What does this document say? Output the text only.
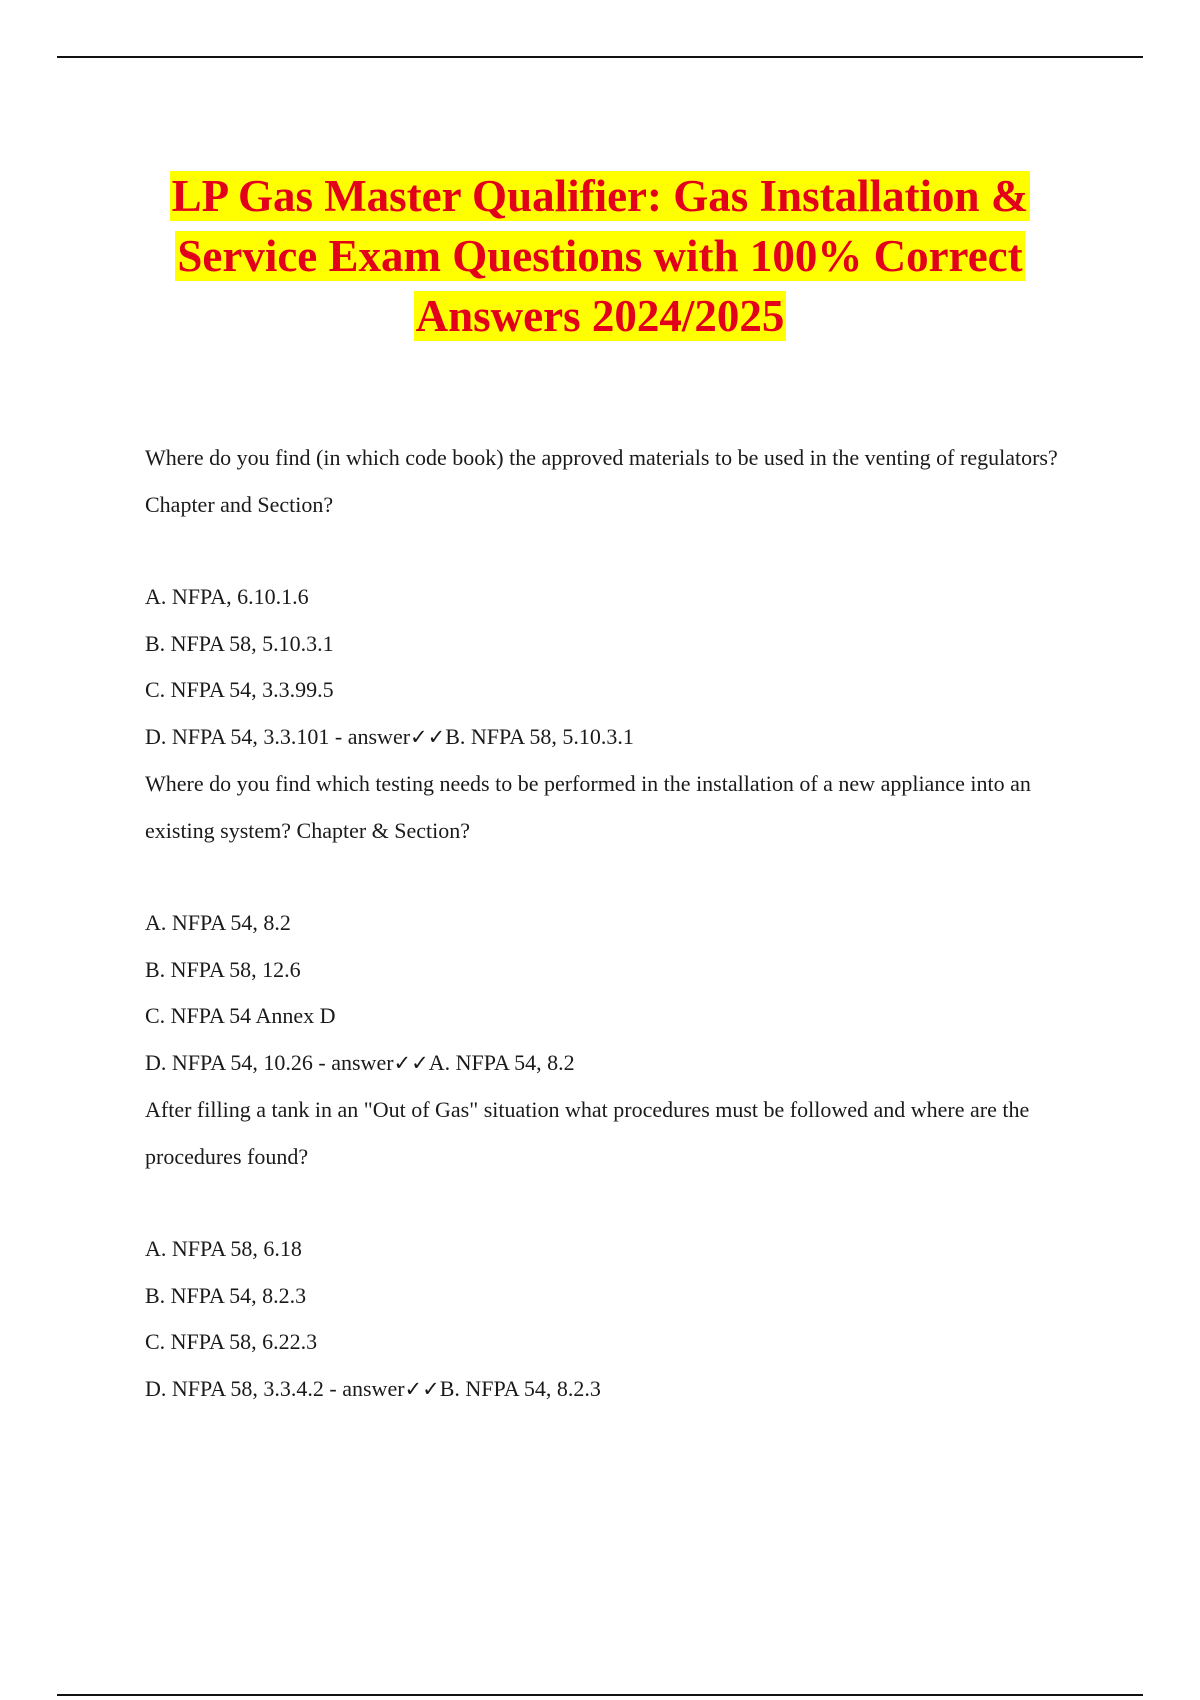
LP Gas Master Qualifier: Gas Installation & Service Exam Questions with 100% Correct Answers 2024/2025

Where do you find (in which code book) the approved materials to be used in the venting of regulators? Chapter and Section?

A. NFPA, 6.10.1.6
B. NFPA 58, 5.10.3.1
C. NFPA 54, 3.3.99.5
D. NFPA 54, 3.3.101 - answer✓✓B. NFPA 58, 5.10.3.1

Where do you find which testing needs to be performed in the installation of a new appliance into an existing system? Chapter & Section?

A. NFPA 54, 8.2
B. NFPA 58, 12.6
C. NFPA 54 Annex D
D. NFPA 54, 10.26 - answer✓✓A. NFPA 54, 8.2

After filling a tank in an "Out of Gas" situation what procedures must be followed and where are the procedures found?

A. NFPA 58, 6.18
B. NFPA 54, 8.2.3
C. NFPA 58, 6.22.3
D. NFPA 58, 3.3.4.2 - answer✓✓B. NFPA 54, 8.2.3
